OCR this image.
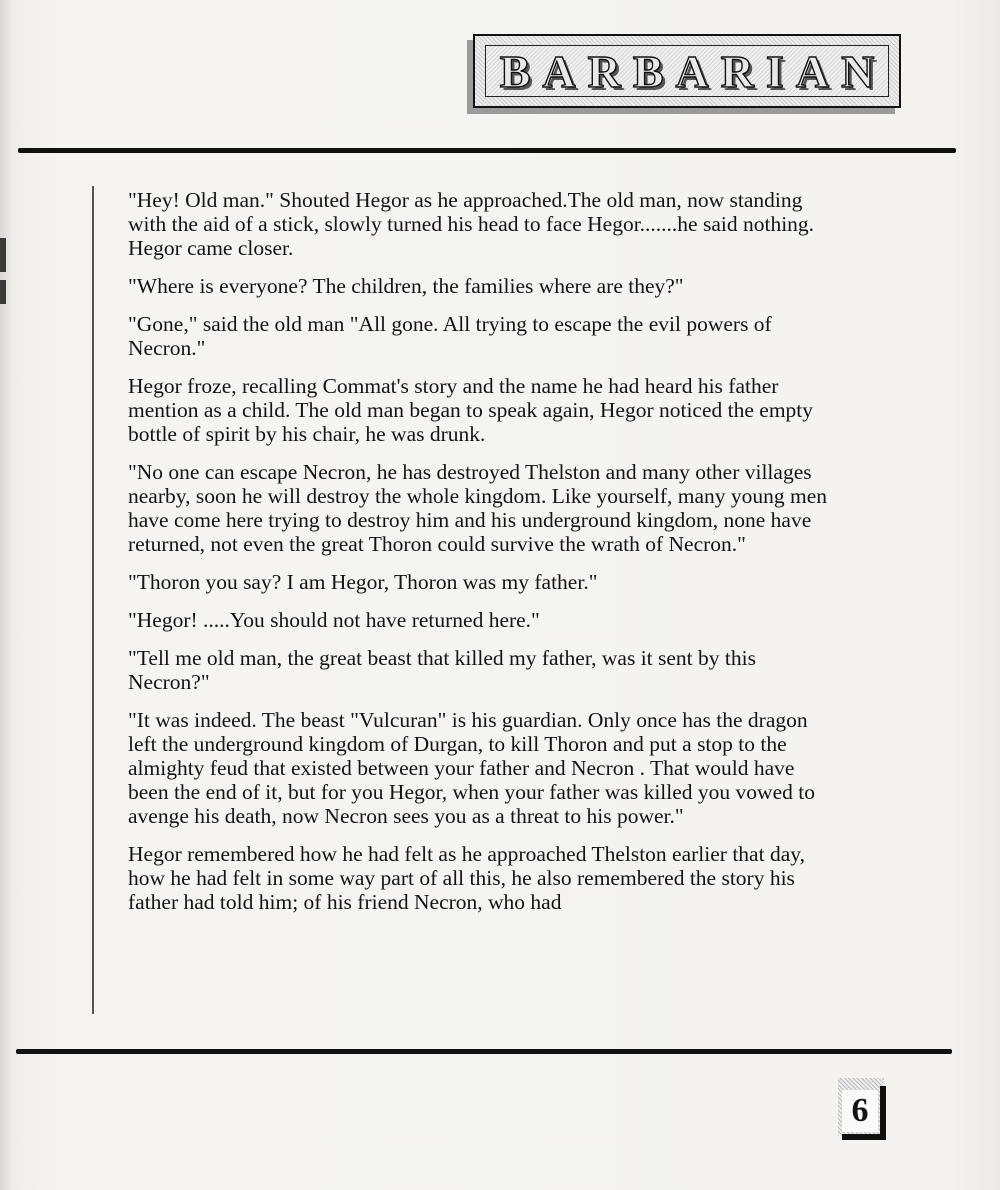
BARBARIAN

"Hey! Old man." Shouted Hegor as he approached.The old man, now standing with the aid of a stick, slowly turned his head to face Hegor.......he said nothing. Hegor came closer.

"Where is everyone? The children, the families where are they?"

"Gone," said the old man "All gone. All trying to escape the evil powers of Necron."

Hegor froze, recalling Commat's story and the name he had heard his father mention as a child. The old man began to speak again, Hegor noticed the empty bottle of spirit by his chair, he was drunk.

"No one can escape Necron, he has destroyed Thelston and many other villages nearby, soon he will destroy the whole kingdom. Like yourself, many young men have come here trying to destroy him and his underground kingdom, none have returned, not even the great Thoron could survive the wrath of Necron."

"Thoron you say? I am Hegor, Thoron was my father."

"Hegor! .....You should not have returned here."

"Tell me old man, the great beast that killed my father, was it sent by this Necron?"

"It was indeed. The beast "Vulcuran" is his guardian. Only once has the dragon left the underground kingdom of Durgan, to kill Thoron and put a stop to the almighty feud that existed between your father and Necron . That would have been the end of it, but for you Hegor, when your father was killed you vowed to avenge his death, now Necron sees you as a threat to his power."

Hegor remembered how he had felt as he approached Thelston earlier that day, how he had felt in some way part of all this, he also remembered the story his father had told him; of his friend Necron, who had

6
